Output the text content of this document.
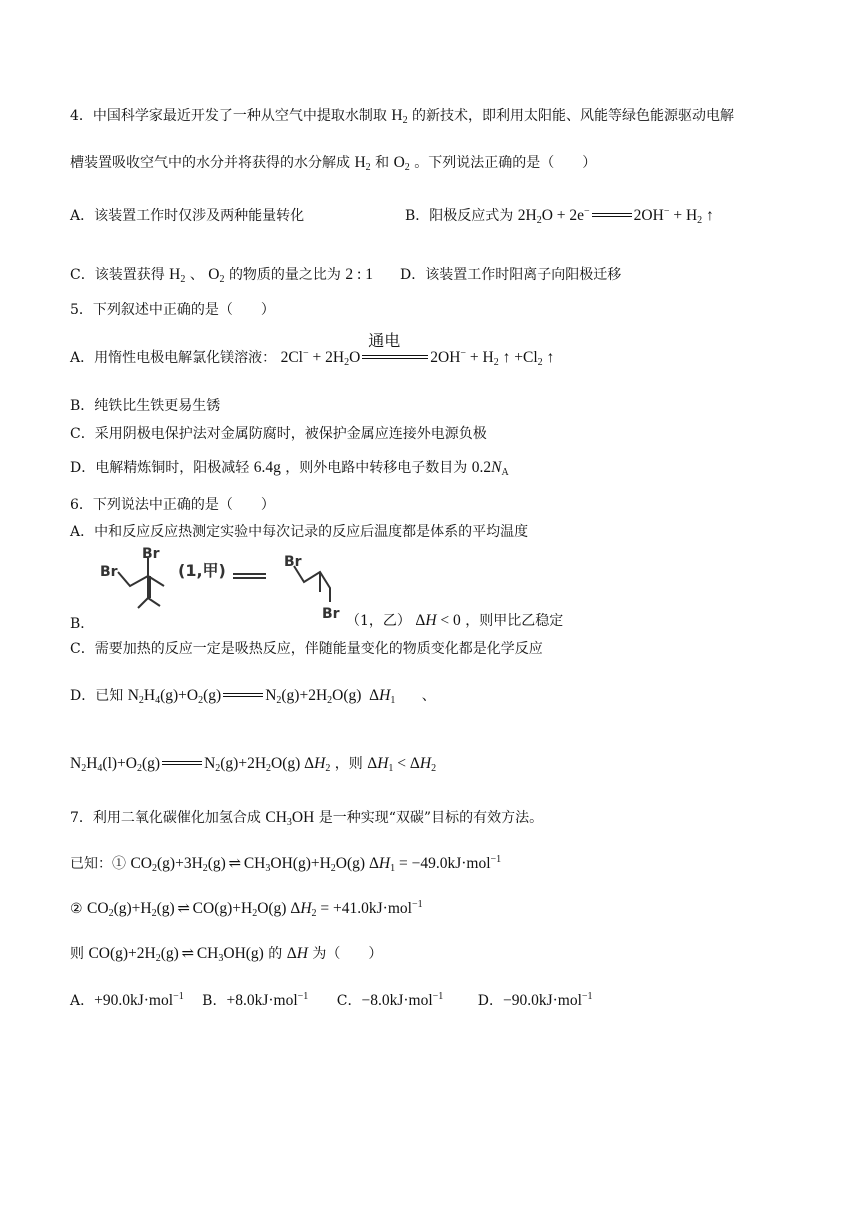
4．中国科学家最近开发了一种从空气中提取水制取 $H_2$ 的新技术，即利用太阳能、风能等绿色能源驱动电解
槽装置吸收空气中的水分并将获得的水分解成 $H_2$ 和 $O_2$ 。下列说法正确的是（　　）
A．该装置工作时仅涉及两种能量转化	B．阳极反应式为 $2H_2O + 2e^-$	$2OH^- + H_2$ ↑
C．该装置获得 $H_2$ 、 $O_2$ 的物质的量之比为 2 : 1 D．该装置工作时阳离子向阳极迁移
5．下列叙述中正确的是（　　）
A．用惰性电极电解氯化镁溶液： $2Cl^- + 2H_2O$
通电
$2OH^- + H_2$ ↑ $+Cl_2$ ↑
B．纯铁比生铁更易生锈
C．采用阴极电保护法对金属防腐时，被保护金属应连接外电源负极
D．电解精炼铜时，阳极减轻 6.4g ，则外电路中转移电子数目为 $0.2N_A$
6．下列说法中正确的是（　　）
A．中和反应反应热测定实验中每次记录的反应后温度都是体系的平均温度
Br
Br	Br
Br
(1,甲)
B．	（1，乙） ΔH < 0 ，则甲比乙稳定
C．需要加热的反应一定是吸热反应，伴随能量变化的物质变化都是化学反应
D．已知 $N_2H_4(g)+O_2(g)$	$N_2(g)+2H_2O(g)$  $\Delta H_1$ 、
$N_2H_4(l)+O_2(g)$	$N_2(g)+2H_2O(g)$ $\Delta H_2$ ，则 $\Delta H_1 < \Delta H_2$
7．利用二氧化碳催化加氢合成 $CH_3OH$ 是一种实现“双碳”目标的有效方法。
已知：① $CO_2(g)+3H_2(g)$ ⇌ $CH_3OH(g)+H_2O(g) \Delta H_1 = -49.0kJ\cdot mol^{-1}$
② $CO_2(g)+H_2(g)$ ⇌ $CO(g)+H_2O(g) \Delta H_2 = +41.0kJ\cdot mol^{-1}$
则 $CO(g)+2H_2(g)$ ⇌ $CH_3OH(g)$ 的 ΔH 为（　　）
A．+90.0kJ·mol$^{-1}$ B．+8.0kJ·mol$^{-1}$ C．−8.0kJ·mol$^{-1}$ D．−90.0kJ·mol$^{-1}$
